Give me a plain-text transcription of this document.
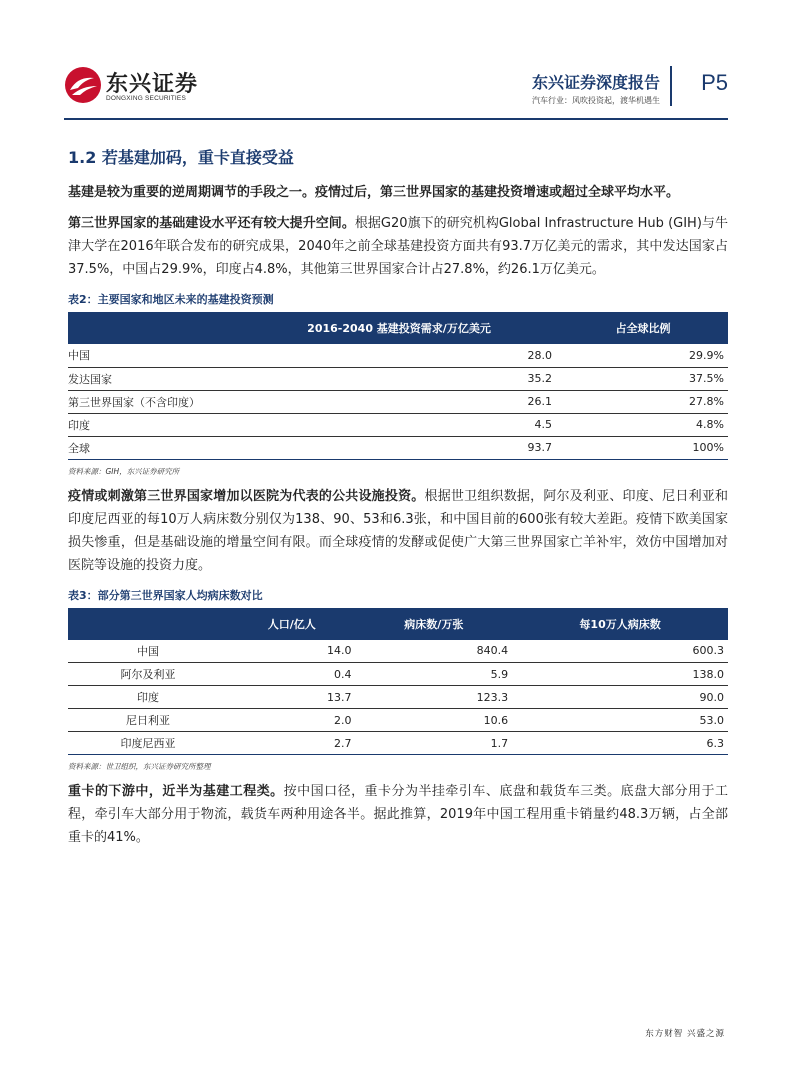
东兴证券
DONGXING SECURITIES
东兴证券深度报告
汽车行业：风吹投资起，渡华机遇生
P5
1.2 若基建加码，重卡直接受益
基建是较为重要的逆周期调节的手段之一。疫情过后，第三世界国家的基建投资增速或超过全球平均水平。
第三世界国家的基础建设水平还有较大提升空间。根据G20旗下的研究机构Global Infrastructure Hub (GIH)与牛津大学在2016年联合发布的研究成果，2040年之前全球基建投资方面共有93.7万亿美元的需求，其中发达国家占37.5%，中国占29.9%，印度占4.8%，其他第三世界国家合计占27.8%，约26.1万亿美元。
表2：主要国家和地区未来的基建投资预测
	2016-2040 基建投资需求/万亿美元	占全球比例
中国	28.0	29.9%
发达国家	35.2	37.5%
第三世界国家（不含印度）	26.1	27.8%
印度	4.5	4.8%
全球	93.7	100%
资料来源：GIH，东兴证券研究所
疫情或刺激第三世界国家增加以医院为代表的公共设施投资。根据世卫组织数据，阿尔及利亚、印度、尼日利亚和印度尼西亚的每10万人病床数分别仅为138、90、53和6.3张，和中国目前的600张有较大差距。疫情下欧美国家损失惨重，但是基础设施的增量空间有限。而全球疫情的发酵或促使广大第三世界国家亡羊补牢，效仿中国增加对医院等设施的投资力度。
表3：部分第三世界国家人均病床数对比
	人口/亿人	病床数/万张	每10万人病床数
中国	14.0	840.4	600.3
阿尔及利亚	0.4	5.9	138.0
印度	13.7	123.3	90.0
尼日利亚	2.0	10.6	53.0
印度尼西亚	2.7	1.7	6.3
资料来源：世卫组织，东兴证券研究所整理
重卡的下游中，近半为基建工程类。按中国口径，重卡分为半挂牵引车、底盘和载货车三类。底盘大部分用于工程，牵引车大部分用于物流，载货车两种用途各半。据此推算，2019年中国工程用重卡销量约48.3万辆，占全部重卡的41%。
东方财智 兴盛之源
